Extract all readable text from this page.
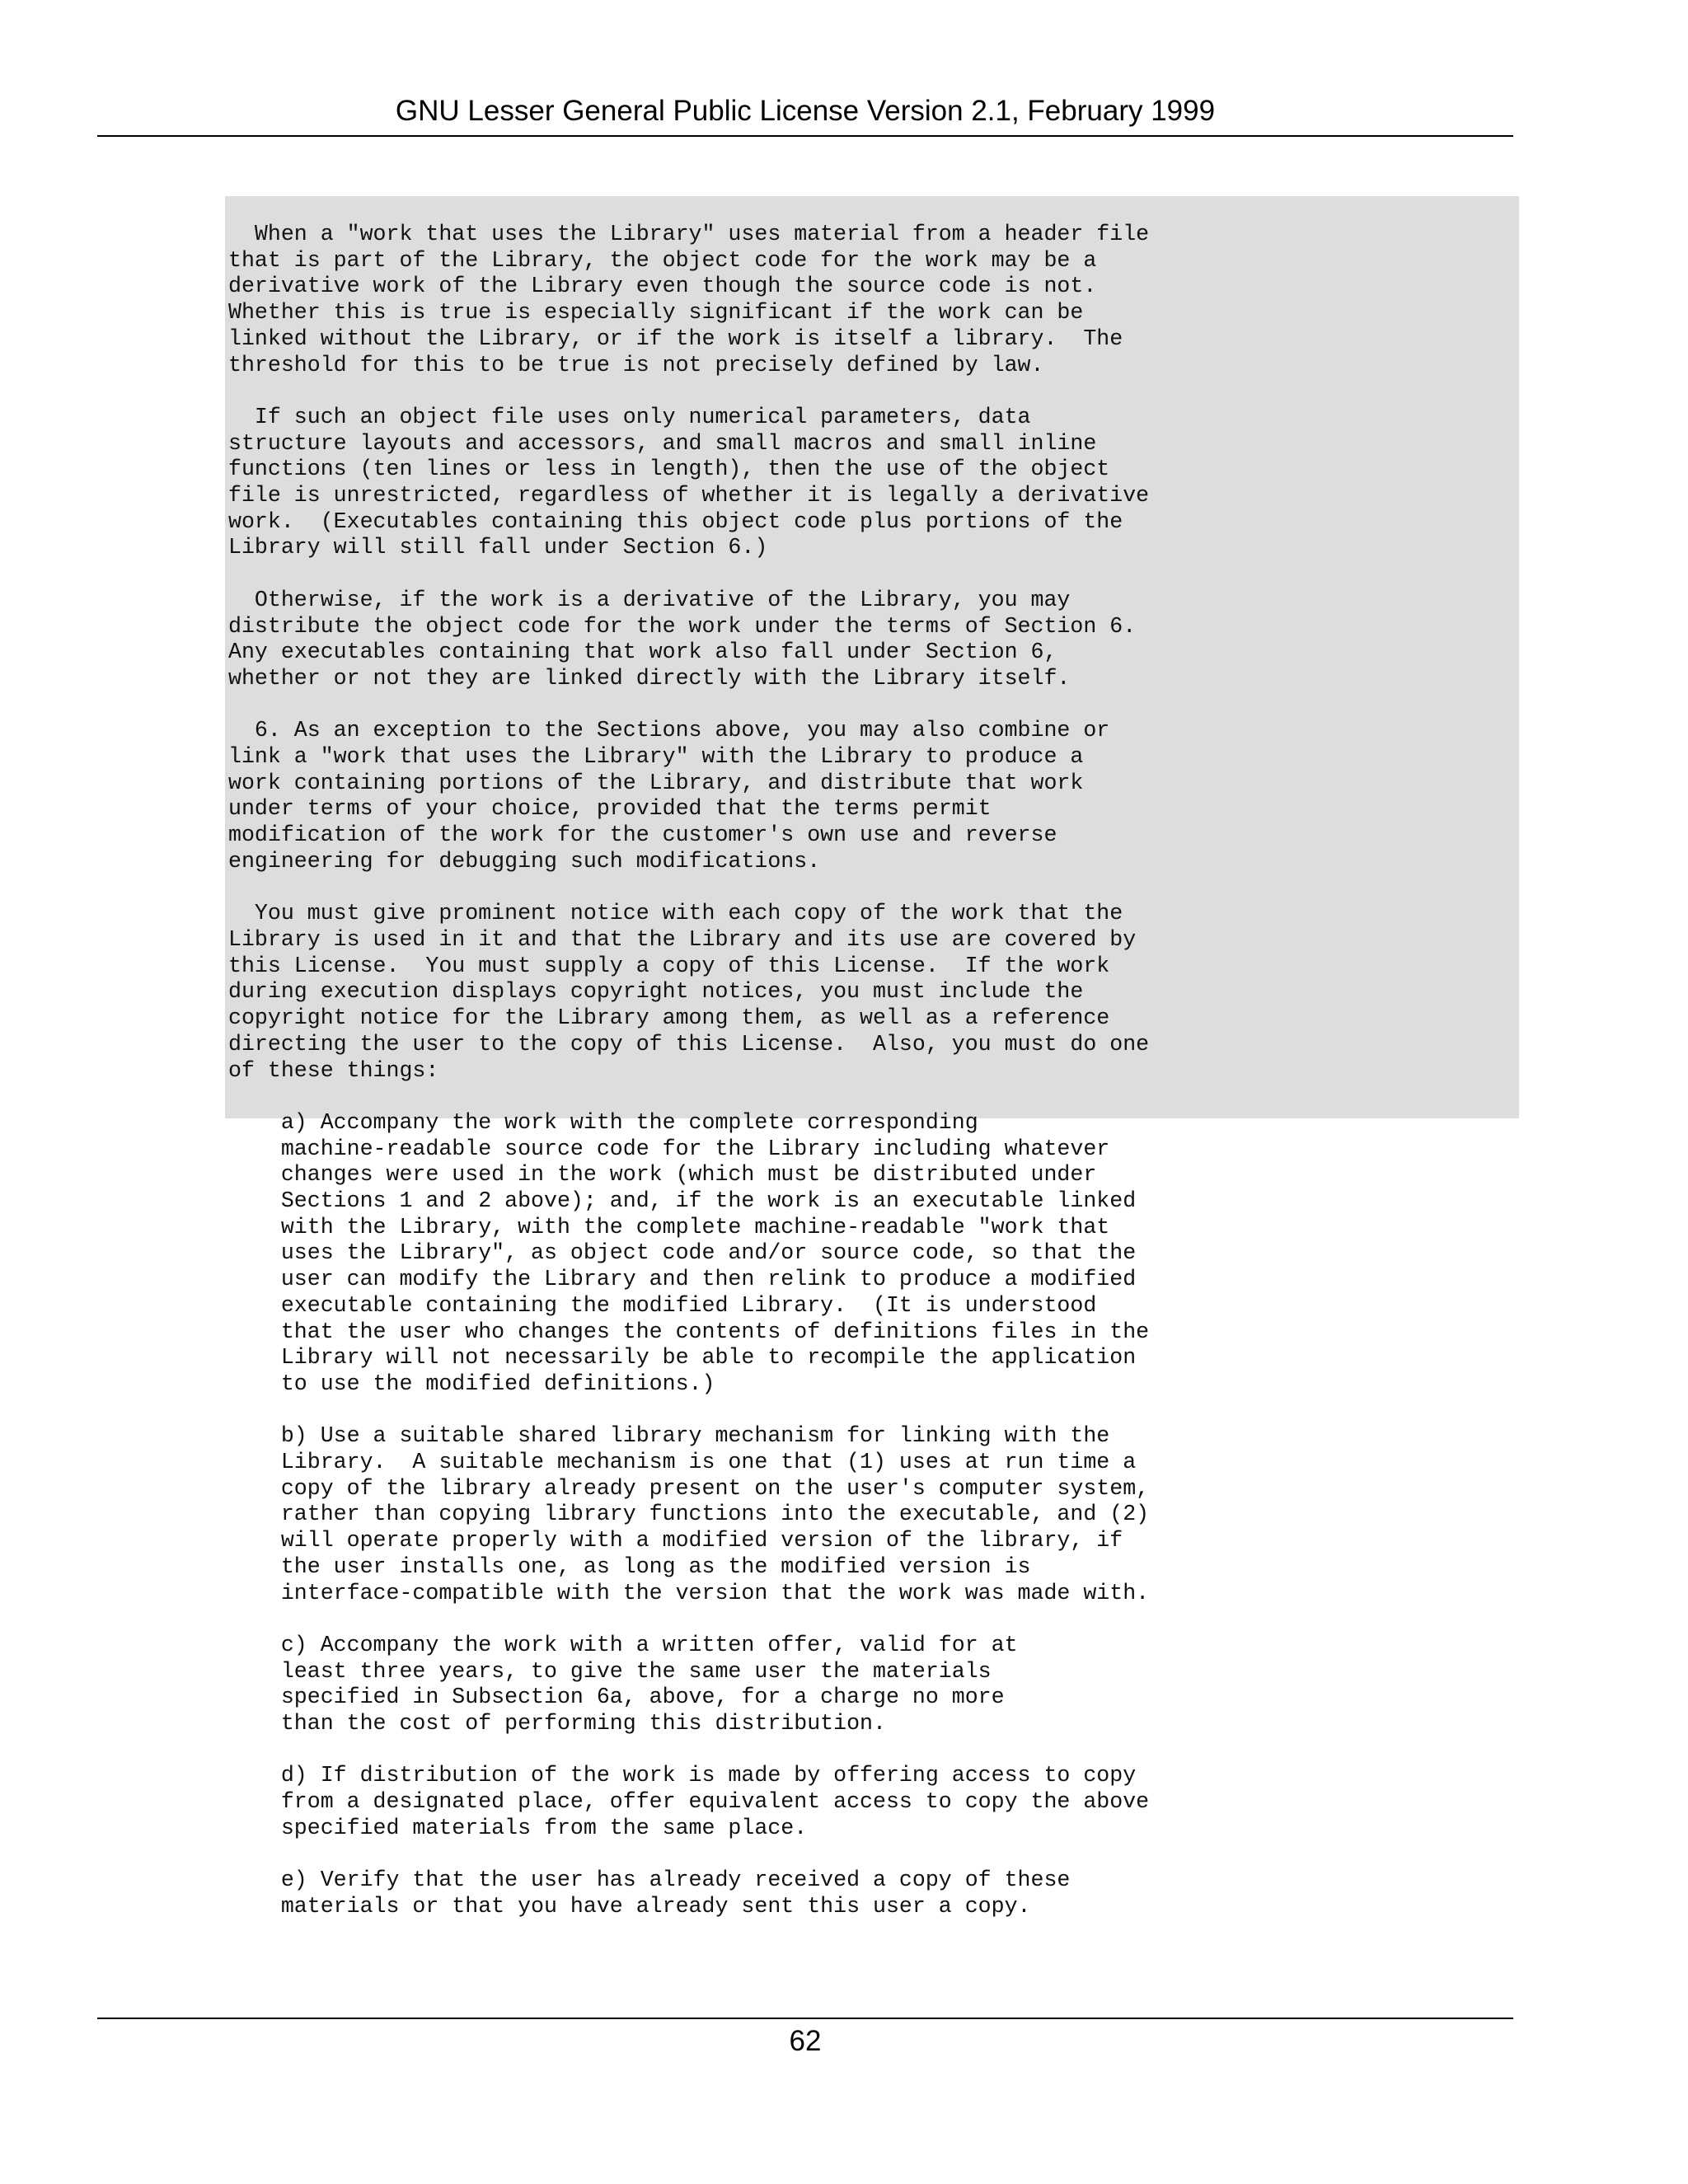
GNU Lesser General Public License Version 2.1, February 1999
When a "work that uses the Library" uses material from a header file
that is part of the Library, the object code for the work may be a
derivative work of the Library even though the source code is not.
Whether this is true is especially significant if the work can be
linked without the Library, or if the work is itself a library.  The
threshold for this to be true is not precisely defined by law.

If such an object file uses only numerical parameters, data
structure layouts and accessors, and small macros and small inline
functions (ten lines or less in length), then the use of the object
file is unrestricted, regardless of whether it is legally a derivative
work.  (Executables containing this object code plus portions of the
Library will still fall under Section 6.)

Otherwise, if the work is a derivative of the Library, you may
distribute the object code for the work under the terms of Section 6.
Any executables containing that work also fall under Section 6,
whether or not they are linked directly with the Library itself.

6. As an exception to the Sections above, you may also combine or
link a "work that uses the Library" with the Library to produce a
work containing portions of the Library, and distribute that work
under terms of your choice, provided that the terms permit
modification of the work for the customer's own use and reverse
engineering for debugging such modifications.

You must give prominent notice with each copy of the work that the
Library is used in it and that the Library and its use are covered by
this License.  You must supply a copy of this License.  If the work
during execution displays copyright notices, you must include the
copyright notice for the Library among them, as well as a reference
directing the user to the copy of this License.  Also, you must do one
of these things:

a) Accompany the work with the complete corresponding
machine-readable source code for the Library including whatever
changes were used in the work (which must be distributed under
Sections 1 and 2 above); and, if the work is an executable linked
with the Library, with the complete machine-readable "work that
uses the Library", as object code and/or source code, so that the
user can modify the Library and then relink to produce a modified
executable containing the modified Library.  (It is understood
that the user who changes the contents of definitions files in the
Library will not necessarily be able to recompile the application
to use the modified definitions.)

b) Use a suitable shared library mechanism for linking with the
Library.  A suitable mechanism is one that (1) uses at run time a
copy of the library already present on the user's computer system,
rather than copying library functions into the executable, and (2)
will operate properly with a modified version of the library, if
the user installs one, as long as the modified version is
interface-compatible with the version that the work was made with.

c) Accompany the work with a written offer, valid for at
least three years, to give the same user the materials
specified in Subsection 6a, above, for a charge no more
than the cost of performing this distribution.

d) If distribution of the work is made by offering access to copy
from a designated place, offer equivalent access to copy the above
specified materials from the same place.

e) Verify that the user has already received a copy of these
materials or that you have already sent this user a copy.
62
